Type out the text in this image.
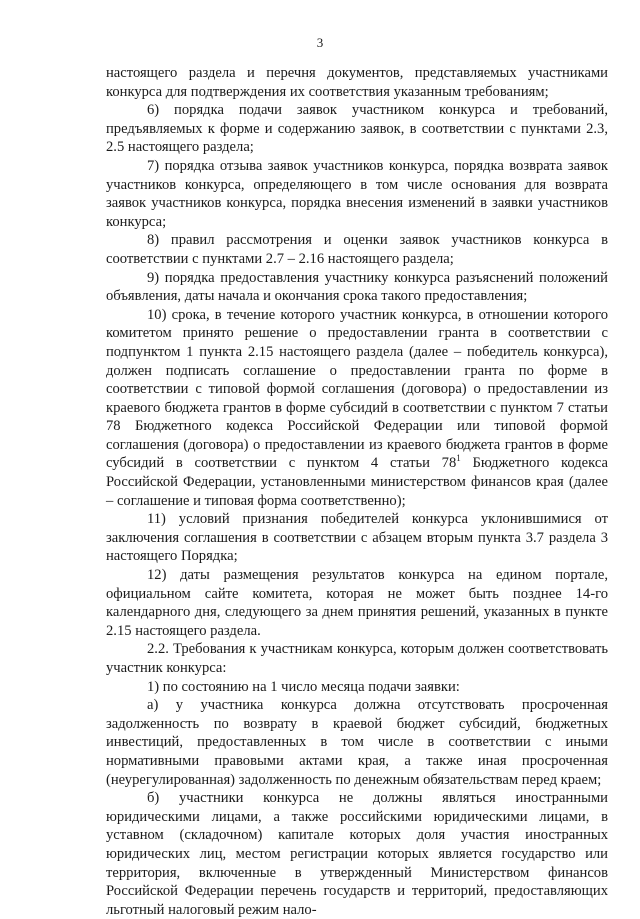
3

настоящего раздела и перечня документов, представляемых участниками конкурса для подтверждения их соответствия указанным требованиям;

6) порядка подачи заявок участником конкурса и требований, предъявляемых к форме и содержанию заявок, в соответствии с пунктами 2.3, 2.5 настоящего раздела;

7) порядка отзыва заявок участников конкурса, порядка возврата заявок участников конкурса, определяющего в том числе основания для возврата заявок участников конкурса, порядка внесения изменений в заявки участников конкурса;

8) правил рассмотрения и оценки заявок участников конкурса в соответствии с пунктами 2.7 – 2.16 настоящего раздела;

9) порядка предоставления участнику конкурса разъяснений положений объявления, даты начала и окончания срока такого предоставления;

10) срока, в течение которого участник конкурса, в отношении которого комитетом принято решение о предоставлении гранта в соответствии с подпунктом 1 пункта 2.15 настоящего раздела (далее – победитель конкурса), должен подписать соглашение о предоставлении гранта по форме в соответствии с типовой формой соглашения (договора) о предоставлении из краевого бюджета грантов в форме субсидий в соответствии с пунктом 7 статьи 78 Бюджетного кодекса Российской Федерации или типовой формой соглашения (договора) о предоставлении из краевого бюджета грантов в форме субсидий в соответствии с пунктом 4 статьи $78^1$ Бюджетного кодекса Российской Федерации, установленными министерством финансов края (далее – соглашение и типовая форма соответственно);

11) условий признания победителей конкурса уклонившимися от заключения соглашения в соответствии с абзацем вторым пункта 3.7 раздела 3 настоящего Порядка;

12) даты размещения результатов конкурса на едином портале, официальном сайте комитета, которая не может быть позднее 14-го календарного дня, следующего за днем принятия решений, указанных в пункте 2.15 настоящего раздела.

2.2. Требования к участникам конкурса, которым должен соответствовать участник конкурса:

1) по состоянию на 1 число месяца подачи заявки:

а) у участника конкурса должна отсутствовать просроченная задолженность по возврату в краевой бюджет субсидий, бюджетных инвестиций, предоставленных в том числе в соответствии с иными нормативными правовыми актами края, а также иная просроченная (неурегулированная) задолженность по денежным обязательствам перед краем;

б) участники конкурса не должны являться иностранными юридическими лицами, а также российскими юридическими лицами, в уставном (складочном) капитале которых доля участия иностранных юридических лиц, местом регистрации которых является государство или территория, включенные в утвержденный Министерством финансов Российской Федерации перечень государств и территорий, предоставляющих льготный налоговый режим нало-
